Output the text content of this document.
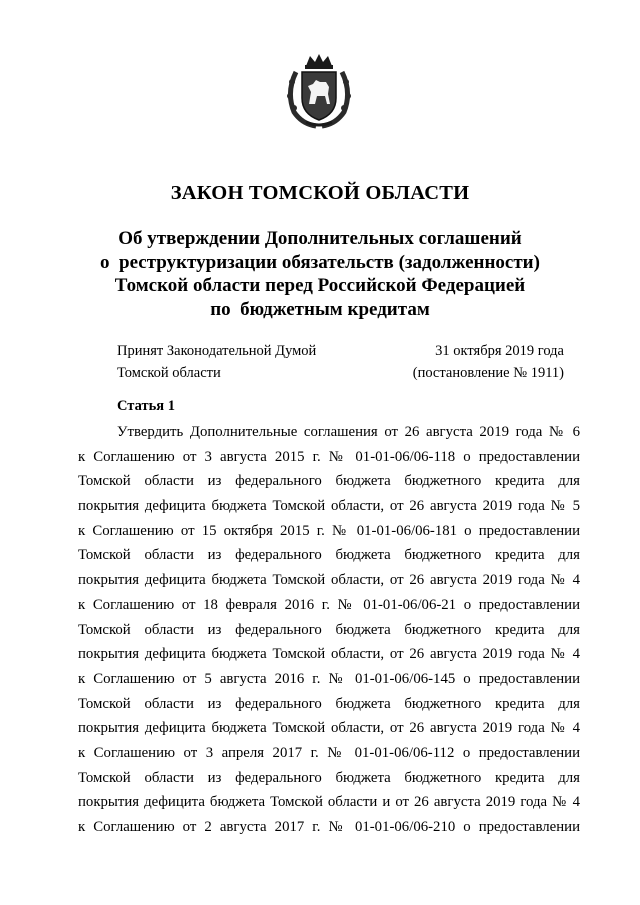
ЗАКОН ТОМСКОЙ ОБЛАСТИ
Об утверждении Дополнительных соглашений
о  реструктуризации обязательств (задолженности)
Томской области перед Российской Федерацией
по  бюджетным кредитам
Принят Законодательной Думой
Томской области
31 октября 2019 года
(постановление № 1911)
Статья 1
Утвердить Дополнительные соглашения от 26 августа 2019 года № 6
к Соглашению от 3 августа 2015 г. № 01-01-06/06-118 о предоставлении
Томской области из федерального бюджета бюджетного кредита для
покрытия дефицита бюджета Томской области, от 26 августа 2019 года № 5
к Соглашению от 15 октября 2015 г. № 01-01-06/06-181 о предоставлении
Томской области из федерального бюджета бюджетного кредита для
покрытия дефицита бюджета Томской области, от 26 августа 2019 года № 4
к Соглашению от 18 февраля 2016 г. № 01-01-06/06-21 о предоставлении
Томской области из федерального бюджета бюджетного кредита для
покрытия дефицита бюджета Томской области, от 26 августа 2019 года № 4
к Соглашению от 5 августа 2016 г. № 01-01-06/06-145 о предоставлении
Томской области из федерального бюджета бюджетного кредита для
покрытия дефицита бюджета Томской области, от 26 августа 2019 года № 4
к Соглашению от 3 апреля 2017 г. № 01-01-06/06-112 о предоставлении
Томской области из федерального бюджета бюджетного кредита для
покрытия дефицита бюджета Томской области и от 26 августа 2019 года № 4
к Соглашению от 2 августа 2017 г. № 01-01-06/06-210 о предоставлении
